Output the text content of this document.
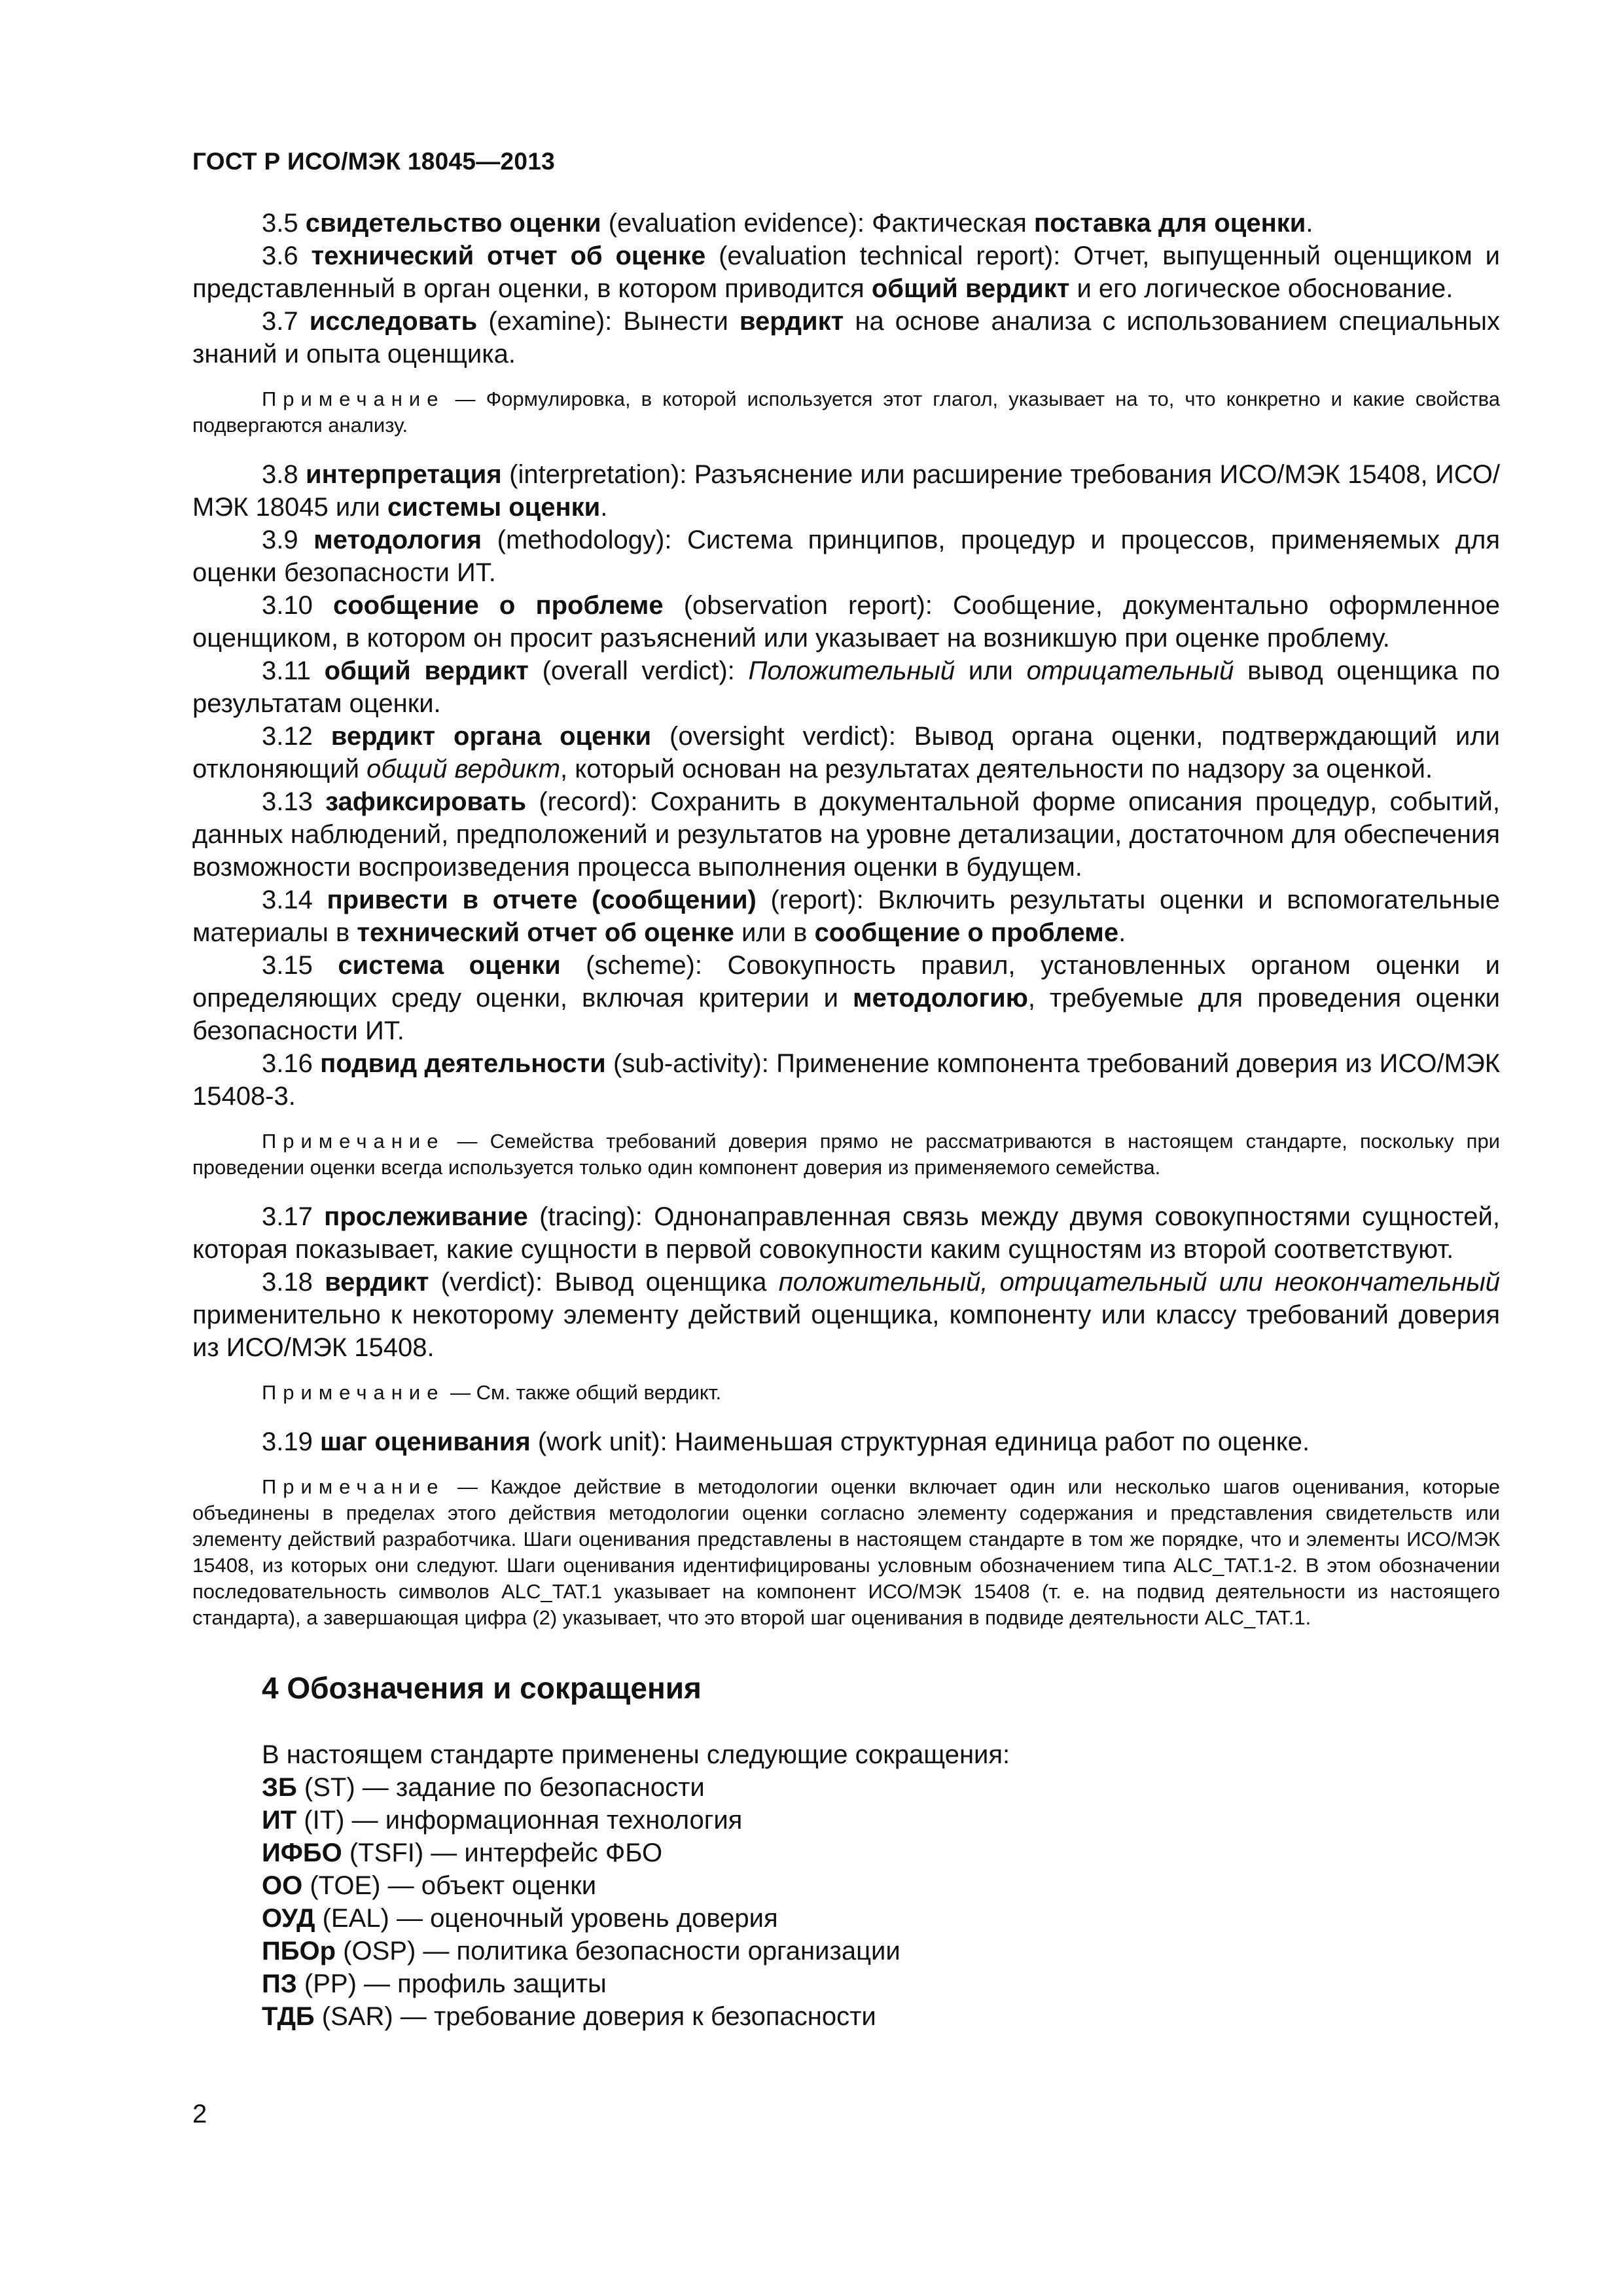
ГОСТ Р ИСО/МЭК 18045—2013

3.5 свидетельство оценки (evaluation evidence): Фактическая поставка для оценки.

3.6 технический отчет об оценке (evaluation technical report): Отчет, выпущенный оценщиком и представленный в орган оценки, в котором приводится общий вердикт и его логическое обоснование.

3.7 исследовать (examine): Вынести вердикт на основе анализа с использованием специальных знаний и опыта оценщика.

Примечание — Формулировка, в которой используется этот глагол, указывает на то, что конкретно и какие свойства подвергаются анализу.

3.8 интерпретация (interpretation): Разъяснение или расширение требования ИСО/МЭК 15408, ИСО/МЭК 18045 или системы оценки.

3.9 методология (methodology): Система принципов, процедур и процессов, применяемых для оценки безопасности ИТ.

3.10 сообщение о проблеме (observation report): Сообщение, документально оформленное оценщиком, в котором он просит разъяснений или указывает на возникшую при оценке проблему.

3.11 общий вердикт (overall verdict): Положительный или отрицательный вывод оценщика по результатам оценки.

3.12 вердикт органа оценки (oversight verdict): Вывод органа оценки, подтверждающий или отклоняющий общий вердикт, который основан на результатах деятельности по надзору за оценкой.

3.13 зафиксировать (record): Сохранить в документальной форме описания процедур, событий, данных наблюдений, предположений и результатов на уровне детализации, достаточном для обеспечения возможности воспроизведения процесса выполнения оценки в будущем.

3.14 привести в отчете (сообщении) (report): Включить результаты оценки и вспомогательные материалы в технический отчет об оценке или в сообщение о проблеме.

3.15 система оценки (scheme): Совокупность правил, установленных органом оценки и определяющих среду оценки, включая критерии и методологию, требуемые для проведения оценки безопасности ИТ.

3.16 подвид деятельности (sub-activity): Применение компонента требований доверия из ИСО/МЭК 15408-3.

Примечание — Семейства требований доверия прямо не рассматриваются в настоящем стандарте, поскольку при проведении оценки всегда используется только один компонент доверия из применяемого семейства.

3.17 прослеживание (tracing): Однонаправленная связь между двумя совокупностями сущностей, которая показывает, какие сущности в первой совокупности каким сущностям из второй соответствуют.

3.18 вердикт (verdict): Вывод оценщика положительный, отрицательный или неокончательный применительно к некоторому элементу действий оценщика, компоненту или классу требований доверия из ИСО/МЭК 15408.

Примечание — См. также общий вердикт.

3.19 шаг оценивания (work unit): Наименьшая структурная единица работ по оценке.

Примечание — Каждое действие в методологии оценки включает один или несколько шагов оценивания, которые объединены в пределах этого действия методологии оценки согласно элементу содержания и представления свидетельств или элементу действий разработчика. Шаги оценивания представлены в настоящем стандарте в том же порядке, что и элементы ИСО/МЭК 15408, из которых они следуют. Шаги оценивания идентифицированы условным обозначением типа ALC_TAT.1-2. В этом обозначении последовательность символов ALC_TAT.1 указывает на компонент ИСО/МЭК 15408 (т. е. на подвид деятельности из настоящего стандарта), а завершающая цифра (2) указывает, что это второй шаг оценивания в подвиде деятельности ALC_TAT.1.

4 Обозначения и сокращения

В настоящем стандарте применены следующие сокращения:

ЗБ (ST) — задание по безопасности

ИТ (IT) — информационная технология

ИФБО (TSFI) — интерфейс ФБО

ОО (TOE) — объект оценки

ОУД (EAL) — оценочный уровень доверия

ПБОр (OSP) — политика безопасности организации

ПЗ (PP) — профиль защиты

ТДБ (SAR) — требование доверия к безопасности

2
